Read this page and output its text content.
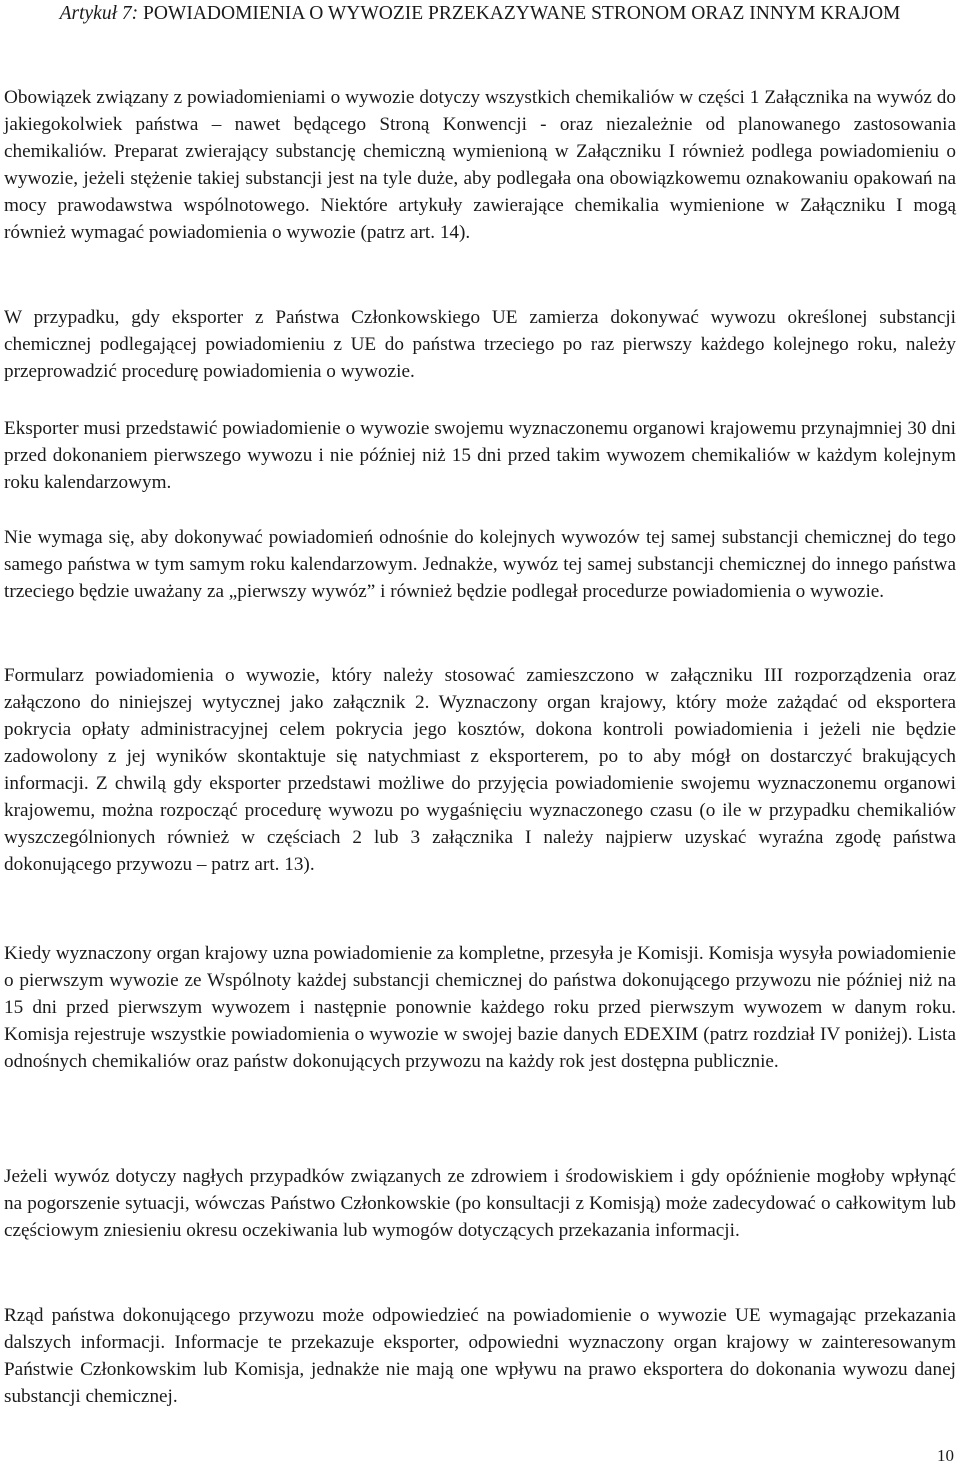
Artykuł 7: POWIADOMIENIA O WYWOZIE PRZEKAZYWANE STRONOM ORAZ INNYM KRAJOM

Obowiązek związany z powiadomieniami o wywozie dotyczy wszystkich chemikaliów w części 1 Załącznika na wywóz do jakiegokolwiek państwa – nawet będącego Stroną Konwencji - oraz niezależnie od planowanego zastosowania chemikaliów. Preparat zwierający substancję chemiczną wymienioną w Załączniku I również podlega powiadomieniu o wywozie, jeżeli stężenie takiej substancji jest na tyle duże, aby podlegała ona obowiązkowemu oznakowaniu opakowań na mocy prawodawstwa wspólnotowego. Niektóre artykuły zawierające chemikalia wymienione w Załączniku I mogą również wymagać powiadomienia o wywozie (patrz art. 14).

W przypadku, gdy eksporter z Państwa Członkowskiego UE zamierza dokonywać wywozu określonej substancji chemicznej podlegającej powiadomieniu z UE do państwa trzeciego po raz pierwszy każdego kolejnego roku, należy przeprowadzić procedurę powiadomienia o wywozie.

Eksporter musi przedstawić powiadomienie o wywozie swojemu wyznaczonemu organowi krajowemu przynajmniej 30 dni przed dokonaniem pierwszego wywozu i nie później niż 15 dni przed takim wywozem chemikaliów w każdym kolejnym roku kalendarzowym.

Nie wymaga się, aby dokonywać powiadomień odnośnie do kolejnych wywozów tej samej substancji chemicznej do tego samego państwa w tym samym roku kalendarzowym. Jednakże, wywóz tej samej substancji chemicznej do innego państwa trzeciego będzie uważany za „pierwszy wywóz” i również będzie podlegał procedurze powiadomienia o wywozie.

Formularz powiadomienia o wywozie, który należy stosować zamieszczono w załączniku III rozporządzenia oraz załączono do niniejszej wytycznej jako załącznik 2. Wyznaczony organ krajowy, który może zażądać od eksportera pokrycia opłaty administracyjnej celem pokrycia jego kosztów, dokona kontroli powiadomienia i jeżeli nie będzie zadowolony z jej wyników skontaktuje się natychmiast z eksporterem, po to aby mógł on dostarczyć brakujących informacji. Z chwilą gdy eksporter przedstawi możliwe do przyjęcia powiadomienie swojemu wyznaczonemu organowi krajowemu, można rozpocząć procedurę wywozu po wygaśnięciu wyznaczonego czasu (o ile w przypadku chemikaliów wyszczególnionych również w częściach 2 lub 3 załącznika I należy najpierw uzyskać wyraźna zgodę państwa dokonującego przywozu – patrz art. 13).

Kiedy wyznaczony organ krajowy uzna powiadomienie za kompletne, przesyła je Komisji. Komisja wysyła powiadomienie o pierwszym wywozie ze Wspólnoty każdej substancji chemicznej do państwa dokonującego przywozu nie później niż na 15 dni przed pierwszym wywozem i następnie ponownie każdego roku przed pierwszym wywozem w danym roku. Komisja rejestruje wszystkie powiadomienia o wywozie w swojej bazie danych EDEXIM (patrz rozdział IV poniżej). Lista odnośnych chemikaliów oraz państw dokonujących przywozu na każdy rok jest dostępna publicznie.

Jeżeli wywóz dotyczy nagłych przypadków związanych ze zdrowiem i środowiskiem i gdy opóźnienie mogłoby wpłynąć na pogorszenie sytuacji, wówczas Państwo Członkowskie (po konsultacji z Komisją) może zadecydować o całkowitym lub częściowym zniesieniu okresu oczekiwania lub wymogów dotyczących przekazania informacji.

Rząd państwa dokonującego przywozu może odpowiedzieć na powiadomienie o wywozie UE wymagając przekazania dalszych informacji. Informacje te przekazuje eksporter, odpowiedni wyznaczony organ krajowy w zainteresowanym Państwie Członkowskim lub Komisja, jednakże nie mają one wpływu na prawo eksportera do dokonania wywozu danej substancji chemicznej.

10
